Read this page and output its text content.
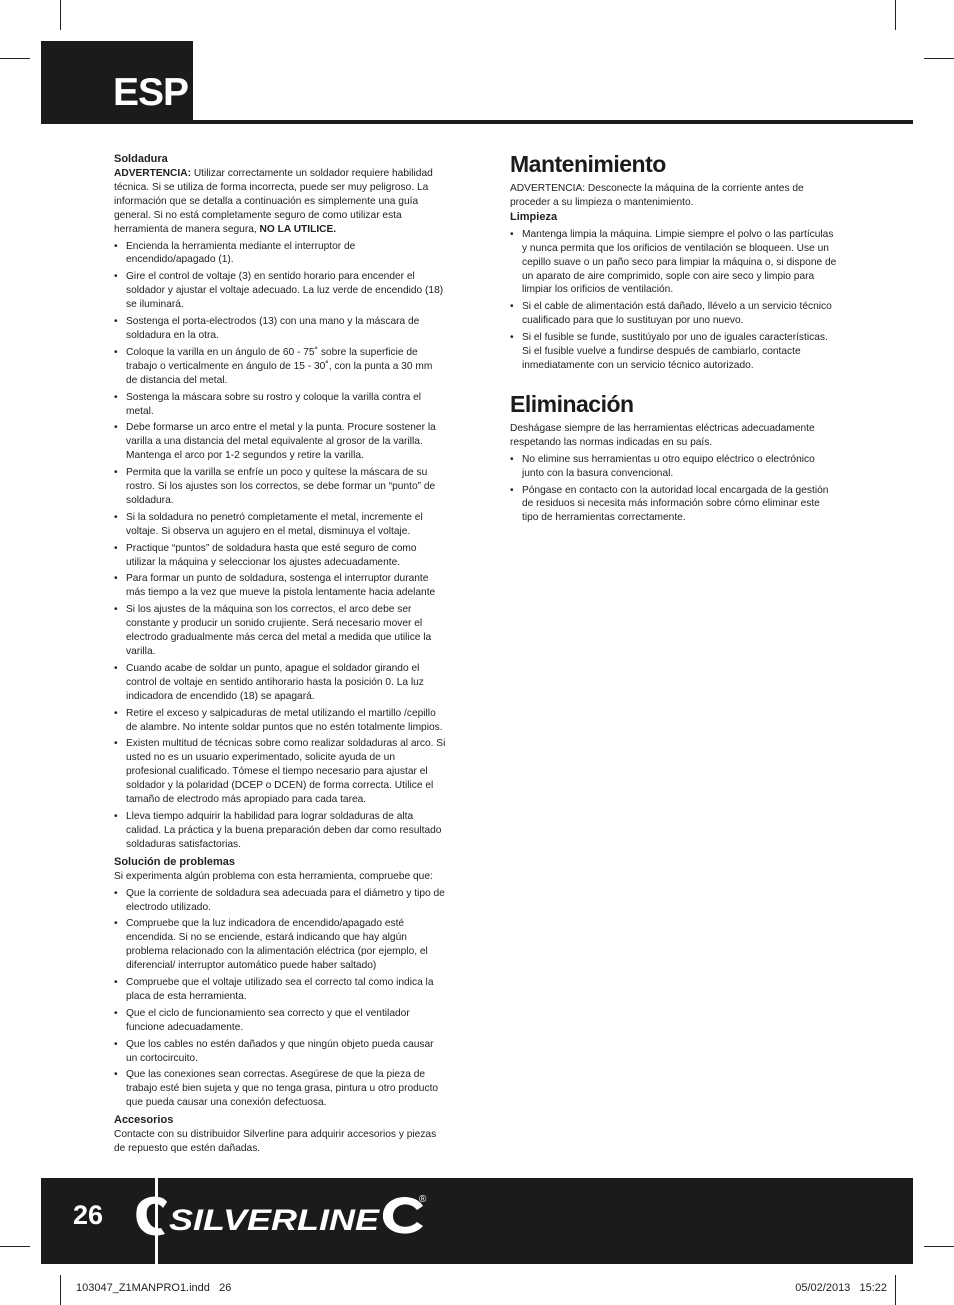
ESP

Soldadura

ADVERTENCIA: Utilizar correctamente un soldador requiere habilidad técnica. Si se utiliza de forma incorrecta, puede ser muy peligroso. La información que se detalla a continuación es simplemente una guía general. Si no está completamente seguro de como utilizar esta herramienta de manera segura, NO LA UTILICE.

• Encienda la herramienta mediante el interruptor de encendido/apagado (1).
• Gire el control de voltaje (3) en sentido horario para encender el soldador y ajustar el voltaje adecuado. La luz verde de encendido (18) se iluminará.
• Sostenga el porta-electrodos (13) con una mano y la máscara de soldadura en la otra.
• Coloque la varilla en un ángulo de 60 - 75˚ sobre la superficie de trabajo o verticalmente en ángulo de 15 - 30˚, con la punta a 30 mm de distancia del metal.
• Sostenga la máscara sobre su rostro y coloque la varilla contra el metal.
• Debe formarse un arco entre el metal y la punta. Procure sostener la varilla a una distancia del metal equivalente al grosor de la varilla. Mantenga el arco por 1-2 segundos y retire la varilla.
• Permita que la varilla se enfríe un poco y quítese la máscara de su rostro. Si los ajustes son los correctos, se debe formar un “punto” de soldadura.
• Si la soldadura no penetró completamente el metal, incremente el voltaje. Si observa un agujero en el metal, disminuya el voltaje.
• Practique “puntos” de soldadura hasta que esté seguro de como utilizar la máquina y seleccionar los ajustes adecuadamente.
• Para formar un punto de soldadura, sostenga el interruptor durante más tiempo a la vez que mueve la pistola lentamente hacia adelante
• Si los ajustes de la máquina son los correctos, el arco debe ser constante y producir un sonido crujiente. Será necesario mover el electrodo gradualmente más cerca del metal a medida que utilice la varilla.
• Cuando acabe de soldar un punto, apague el soldador girando el control de voltaje en sentido antihorario hasta la posición 0. La luz indicadora de encendido (18) se apagará.
• Retire el exceso y salpicaduras de metal utilizando el martillo /cepillo de alambre. No intente soldar puntos que no estén totalmente limpios.
• Existen multitud de técnicas sobre como realizar soldaduras al arco. Si usted no es un usuario experimentado, solicite ayuda de un profesional cualificado. Tómese el tiempo necesario para ajustar el soldador y la polaridad (DCEP o DCEN) de forma correcta. Utilice el tamaño de electrodo más apropiado para cada tarea.
• Lleva tiempo adquirir la habilidad para lograr soldaduras de alta calidad. La práctica y la buena preparación deben dar como resultado soldaduras satisfactorias.

Solución de problemas

Si experimenta algún problema con esta herramienta, compruebe que:

• Que la corriente de soldadura sea adecuada para el diámetro y tipo de electrodo utilizado.
• Compruebe que la luz indicadora de encendido/apagado esté encendida. Si no se enciende, estará indicando que hay algún problema relacionado con la alimentación eléctrica (por ejemplo, el diferencial/ interruptor automático puede haber saltado)
• Compruebe que el voltaje utilizado sea el correcto tal como indica la placa de esta herramienta.
• Que el ciclo de funcionamiento sea correcto y que el ventilador funcione adecuadamente.
• Que los cables no estén dañados y que ningún objeto pueda causar un cortocircuito.
• Que las conexiones sean correctas. Asegúrese de que la pieza de trabajo esté bien sujeta y que no tenga grasa, pintura u otro producto que pueda causar una conexión defectuosa.

Accesorios

Contacte con su distribuidor Silverline para adquirir accesorios y piezas de repuesto que estén dañadas.

Mantenimiento

ADVERTENCIA: Desconecte la máquina de la corriente antes de proceder a su limpieza o mantenimiento.

Limpieza

• Mantenga limpia la máquina. Limpie siempre el polvo o las partículas y nunca permita que los orificios de ventilación se bloqueen. Use un cepillo suave o un paño seco para limpiar la máquina o, si dispone de un aparato de aire comprimido, sople con aire seco y limpio para limpiar los orificios de ventilación.
• Si el cable de alimentación está dañado, llévelo a un servicio técnico cualificado para que lo sustituyan por uno nuevo.
• Si el fusible se funde, sustitúyalo por uno de iguales características. Si el fusible vuelve a fundirse después de cambiarlo, contacte inmediatamente con un servicio técnico autorizado.
Eliminación

Deshágase siempre de las herramientas eléctricas adecuadamente respetando las normas indicadas en su país.

• No elimine sus herramientas u otro equipo eléctrico o electrónico junto con la basura convencional.
• Póngase en contacto con la autoridad local encargada de la gestión de residuos si necesita más información sobre cómo eliminar este tipo de herramientas correctamente.
26 SILVERLINE
®
103047_Z1MANPRO1.indd   26	05/02/2013   15:22
